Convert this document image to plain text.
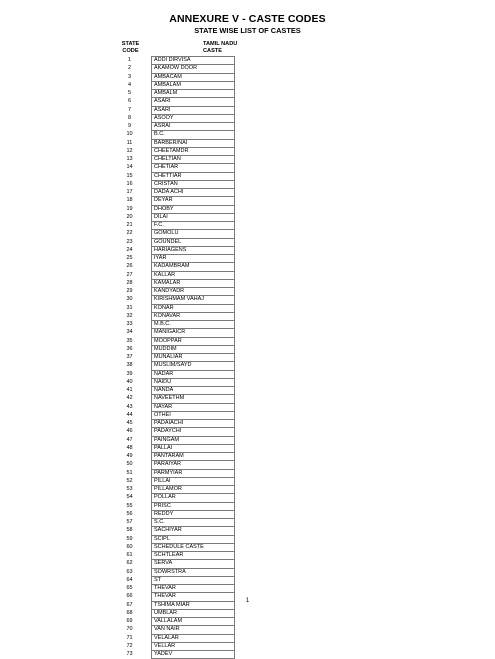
ANNEXURE V - CASTE CODES
STATE WISE LIST OF CASTES
STATE
CODE
TAMIL NADU
CASTE
1	ADDI DIRVISA
2	AKAMOW DOOR
3	AMBACAM
4	AMBALAM
5	AMBALM
6	ASARI
7	ASARI
8	ASOOY
9	ASRAI
10	B.C.
11	BARBER/NAI
12	CHEETAMDR
13	CHELTIAN
14	CHETIAR
15	CHETTIAR
16	CRISTAN
17	DADA ACHI
18	DEYAR
19	DHOBY
20	DILAI
21	F.C.
22	GOMOLU
23	GOUNDEL
24	HARIAGENS
25	IYAR
26	KADAMBRAM
27	KALLAR
28	KAMALAR
29	KANDYADR
30	KIRISHMAM VAHAJ
31	KONAR
32	KONAVAR
33	M.B.C.
34	MANIGAICR
35	MOOPPAR
36	MUDDIM
37	MUNALIAR
38	MUSLIM/SAYD
39	NADAR
40	NAIDU
41	NANDA
42	NAVEETHM
43	NAYAR
44	OTHEI
45	PADAIACHI
46	PADAYCHI
47	PAINGAM
48	PALLAI
49	PANTARAM
50	PARAIYAR
51	PARMYIAR
52	PILLAI
53	PILLAMOR
54	POLLAR
55	PRISC
56	REDDY
57	S.C.
58	SACHIYAR
59	SCIPL
60	SCHEDULE CASTE
61	SCHTLEAR
62	SERVA
63	SOWRSTRA
64	ST
65	THEVAR
66	THEVAR
67	TSHIMA MIAR
68	UMBLAR
69	VALLALAM
70	VAN NAIR
71	VELALAR
72	VELLAR
73	YADEV
1
